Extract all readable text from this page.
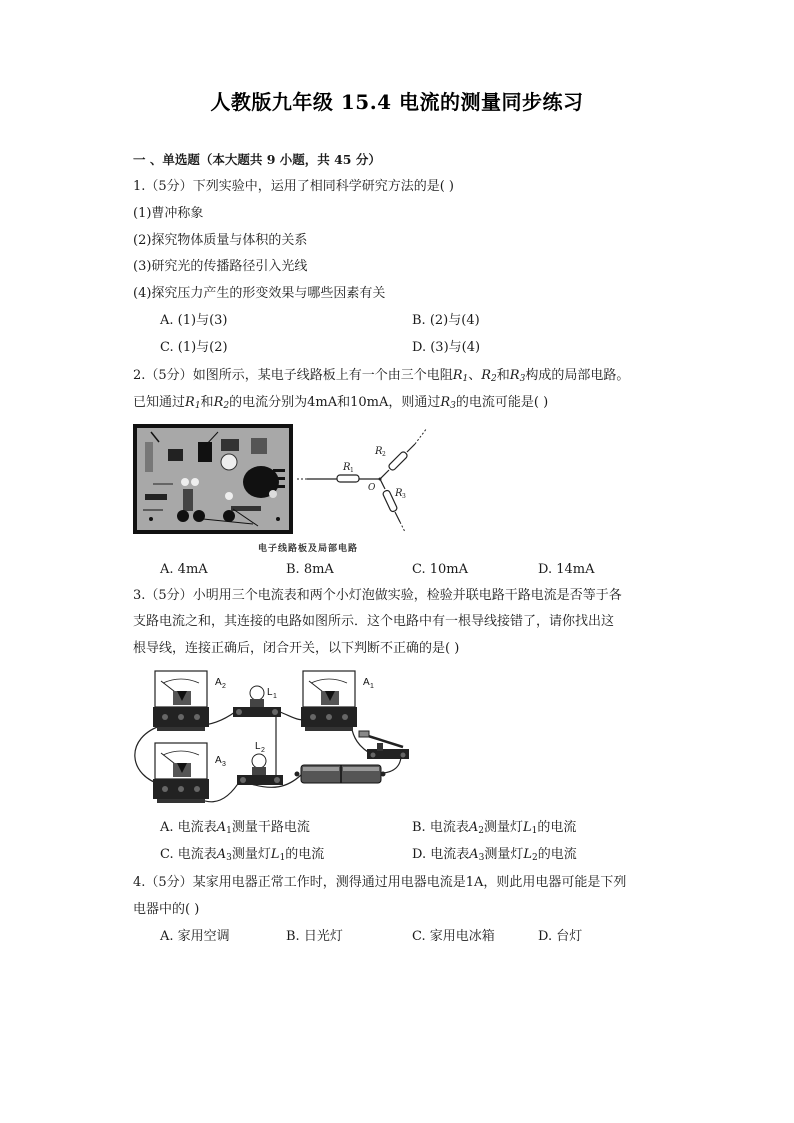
人教版九年级 15.4 电流的测量同步练习
一 、单选题（本大题共 9 小题，共 45 分）
1.（5分）下列实验中，运用了相同科学研究方法的是( )
(1)曹冲称象
(2)探究物体质量与体积的关系
(3)研究光的传播路径引入光线
(4)探究压力产生的形变效果与哪些因素有关
A. (1)与(3)	B. (2)与(4)
C. (1)与(2)	D. (3)与(4)
2.（5分）如图所示，某电子线路板上有一个由三个电阻$R_1$、$R_2$和$R_3$构成的局部电路。
已知通过$R_1$和$R_2$的电流分别为4mA和10mA，则通过$R_3$的电流可能是( )
R 1
R 2
R 3
O
电子线路板及局部电路
A. 4mA	B. 8mA	C. 10mA	D. 14mA
3.（5分）小明用三个电流表和两个小灯泡做实验，检验并联电路干路电流是否等于各
支路电流之和，其连接的电路如图所示．这个电路中有一根导线接错了，请你找出这
根导线，连接正确后，闭合开关，以下判断不正确的是( )
A 2
L 1
A 1
A 3
L 2
A. 电流表$A_1$测量干路电流	B. 电流表$A_2$测量灯$L_1$的电流
C. 电流表$A_3$测量灯$L_1$的电流	D. 电流表$A_3$测量灯$L_2$的电流
4.（5分）某家用电器正常工作时，测得通过用电器电流是1A，则此用电器可能是下列
电器中的( )
A. 家用空调	B. 日光灯	C. 家用电冰箱	D. 台灯
